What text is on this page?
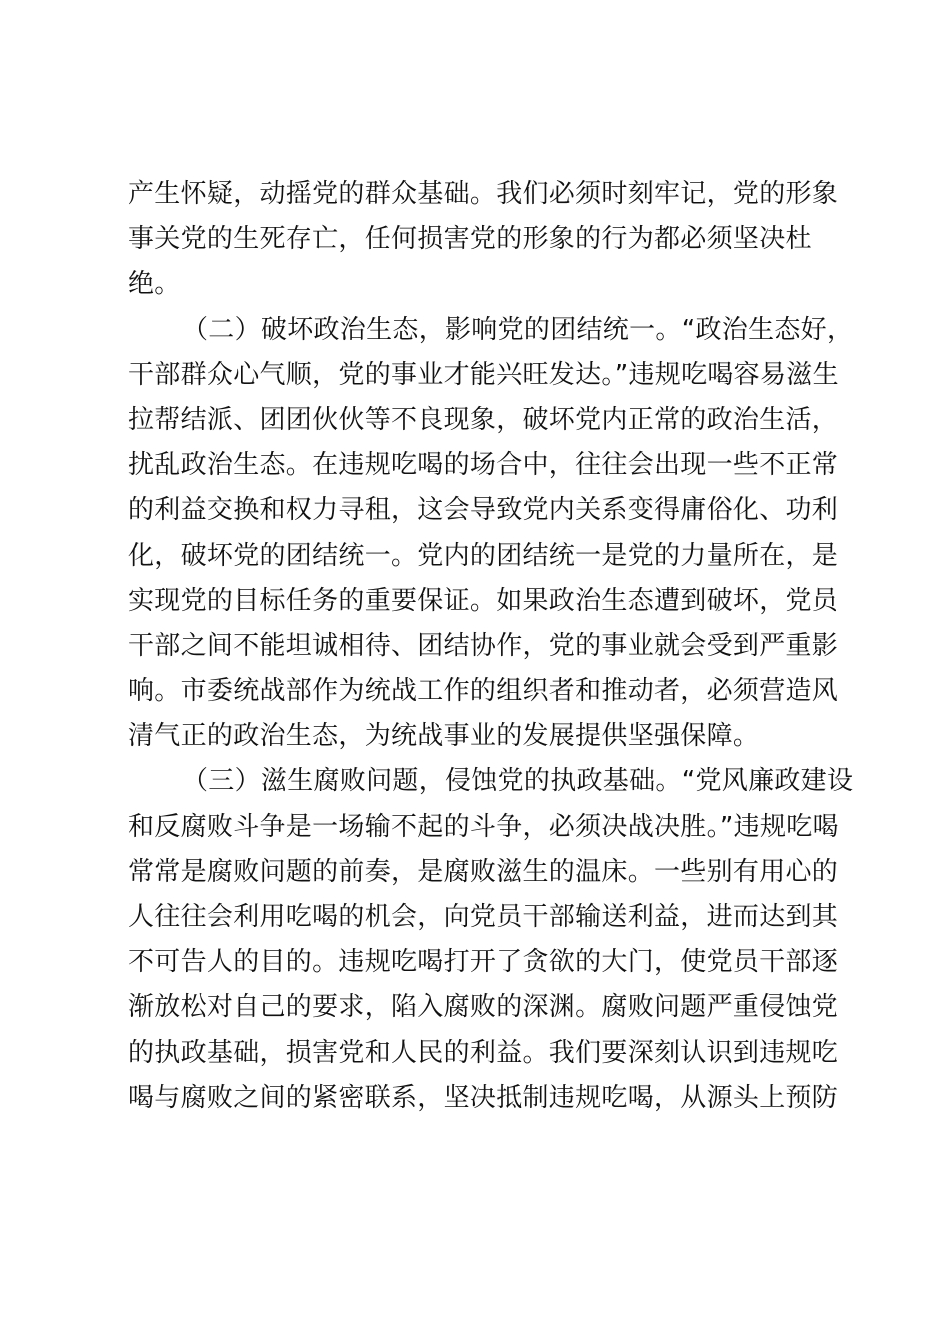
产生怀疑，动摇党的群众基础。我们必须时刻牢记，党的形象
事关党的生死存亡，任何损害党的形象的行为都必须坚决杜
绝。
（二）破坏政治生态，影响党的团结统一。“政治生态好，
干部群众心气顺，党的事业才能兴旺发达。”违规吃喝容易滋生
拉帮结派、团团伙伙等不良现象，破坏党内正常的政治生活，
扰乱政治生态。在违规吃喝的场合中，往往会出现一些不正常
的利益交换和权力寻租，这会导致党内关系变得庸俗化、功利
化，破坏党的团结统一。党内的团结统一是党的力量所在，是
实现党的目标任务的重要保证。如果政治生态遭到破坏，党员
干部之间不能坦诚相待、团结协作，党的事业就会受到严重影
响。市委统战部作为统战工作的组织者和推动者，必须营造风
清气正的政治生态，为统战事业的发展提供坚强保障。
（三）滋生腐败问题，侵蚀党的执政基础。“党风廉政建设
和反腐败斗争是一场输不起的斗争，必须决战决胜。”违规吃喝
常常是腐败问题的前奏，是腐败滋生的温床。一些别有用心的
人往往会利用吃喝的机会，向党员干部输送利益，进而达到其
不可告人的目的。违规吃喝打开了贪欲的大门，使党员干部逐
渐放松对自己的要求，陷入腐败的深渊。腐败问题严重侵蚀党
的执政基础，损害党和人民的利益。我们要深刻认识到违规吃
喝与腐败之间的紧密联系，坚决抵制违规吃喝，从源头上预防
